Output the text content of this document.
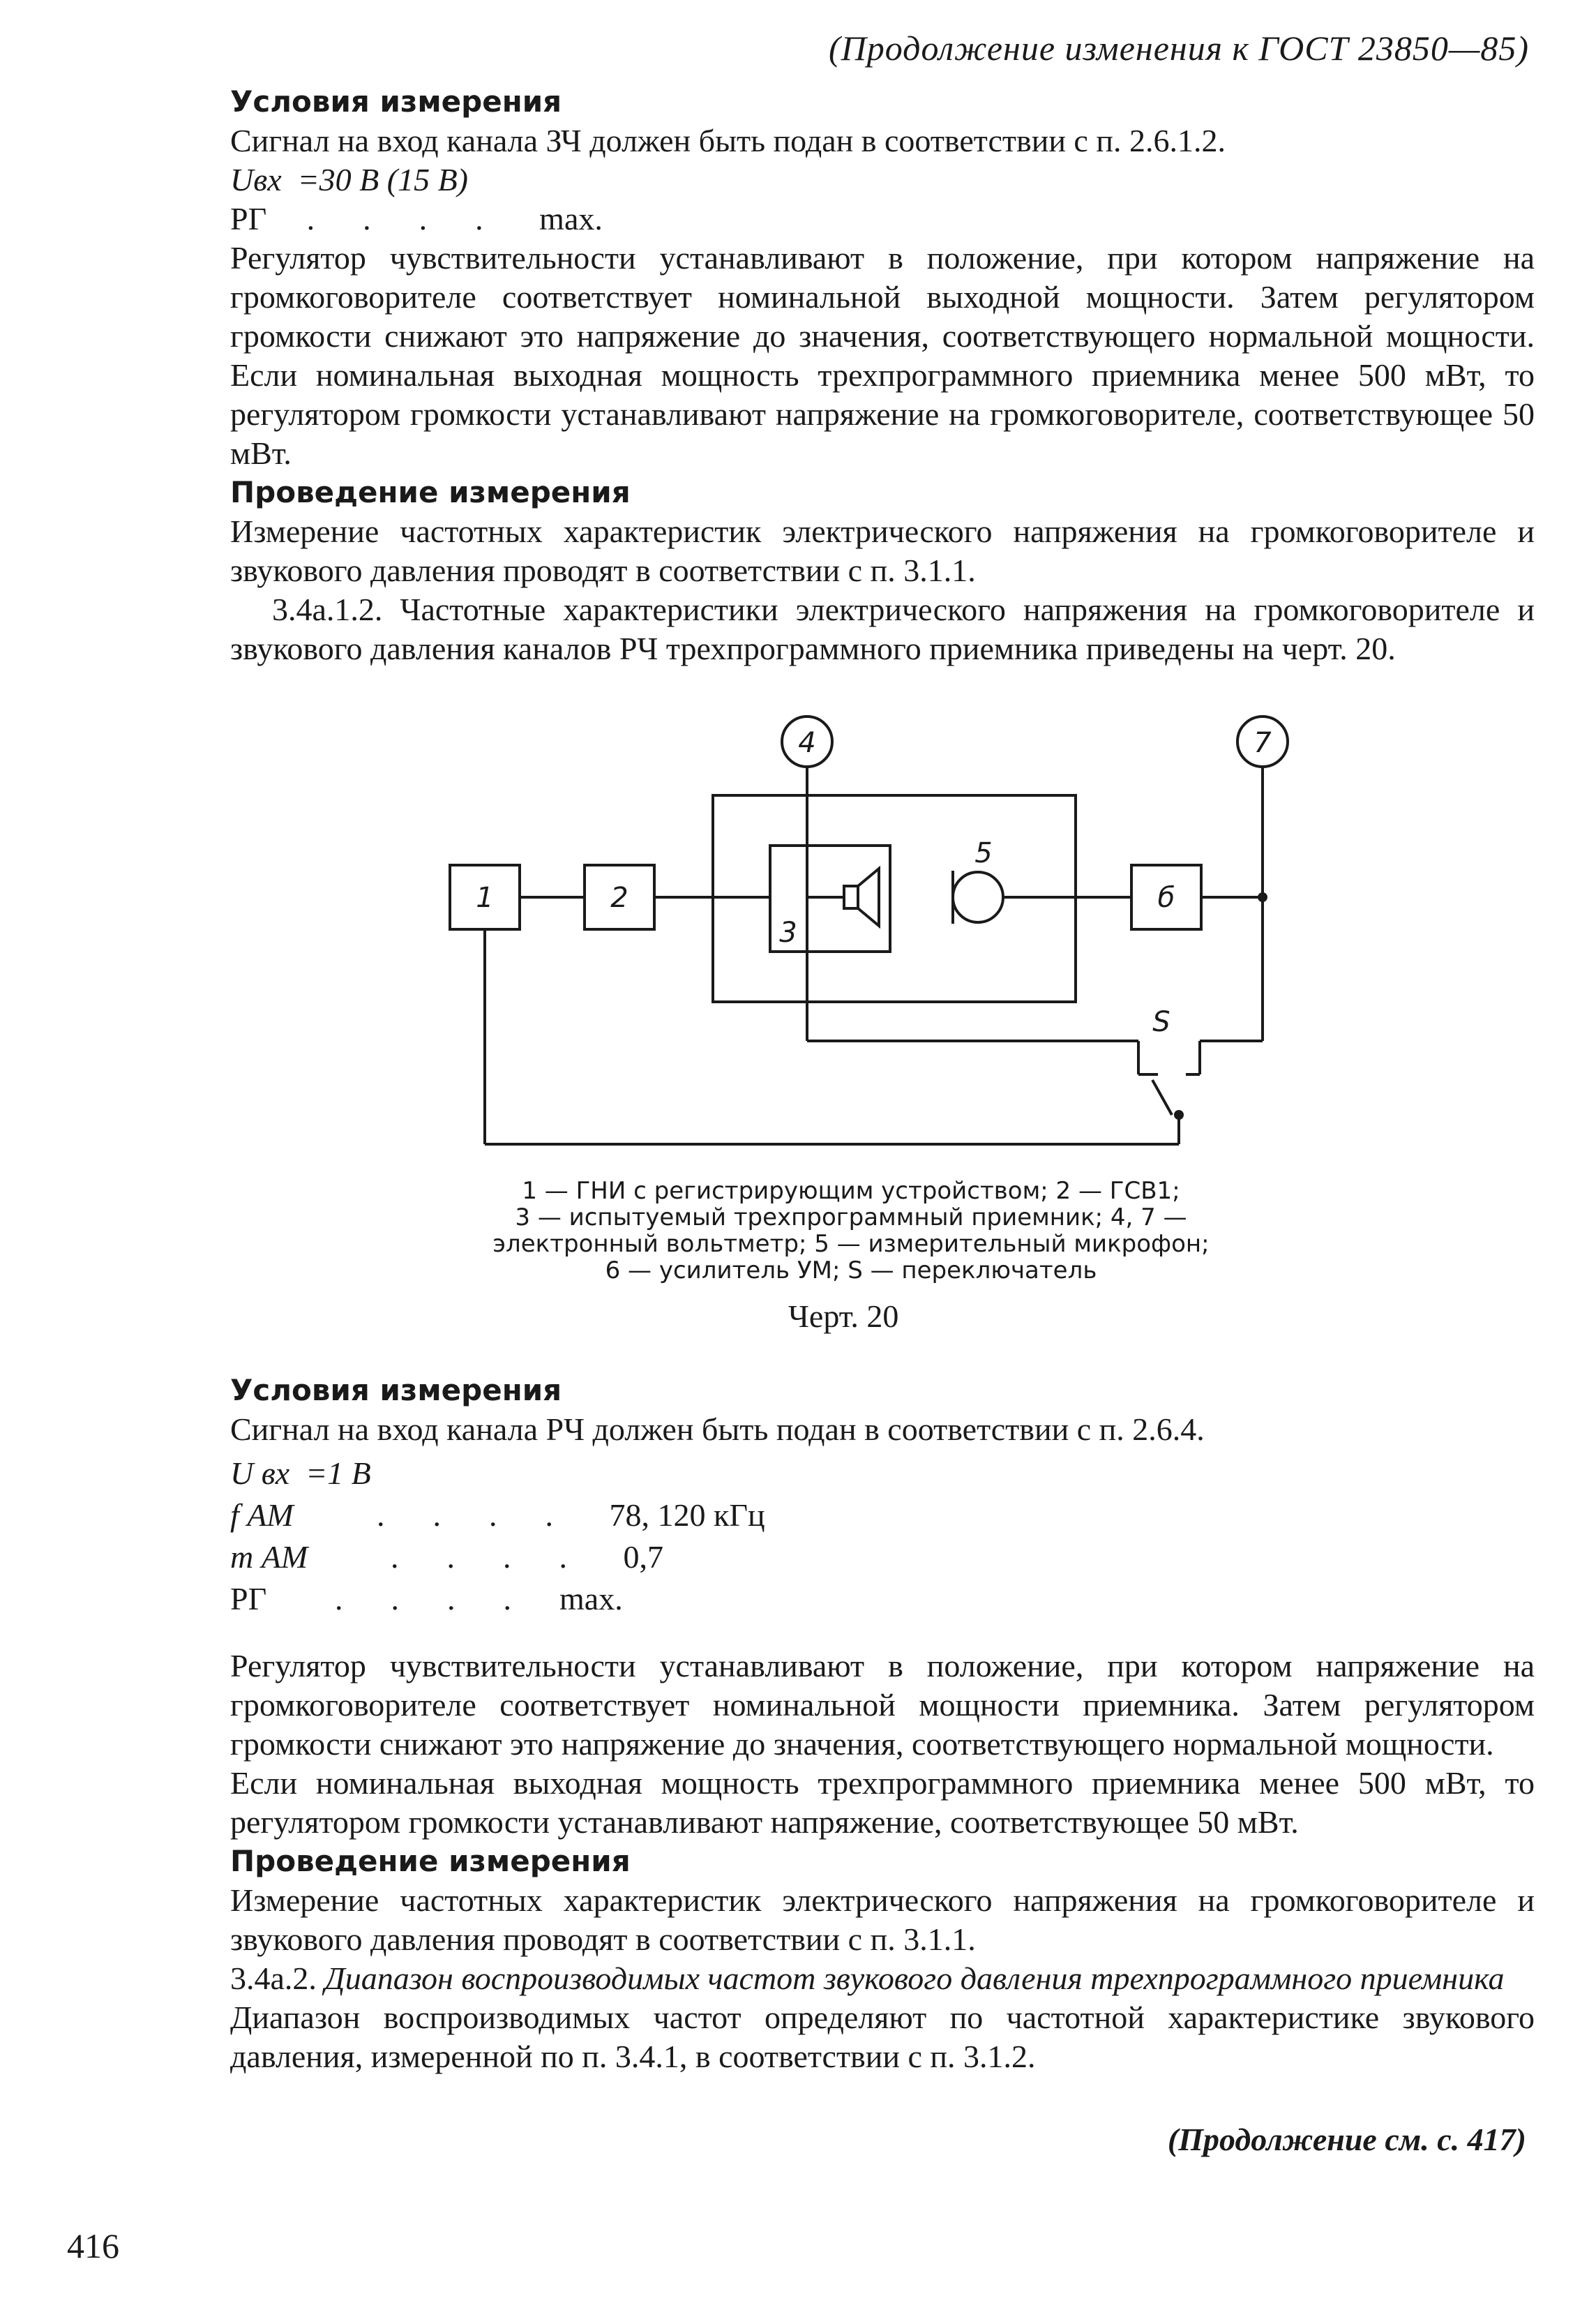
(Продолжение изменения к ГОСТ 23850—85)
Условия измерения
Сигнал на вход канала ЗЧ должен быть подан в соответствии с п. 2.6.1.2.
Uвх  =30 В (15 В)
РГ     .      .      .      .       max.
Регулятор чувствительности устанавливают в положение, при котором напряжение на громкоговорителе соответствует номинальной выходной мощности. Затем регулятором громкости снижают это напряжение до значения, соответствующего нормальной мощности. Если номинальная выходная мощность трехпрограммного приемника менее 500 мВт, то регулятором громкости устанавливают напряжение на громкоговорителе, соответствующее 50 мВт.
Проведение измерения
Измерение частотных характеристик электрического напряжения на громкоговорителе и звукового давления проводят в соответствии с п. 3.1.1.
3.4а.1.2. Частотные характеристики электрического напряжения на громкоговорителе и звукового давления каналов РЧ трехпрограммного приемника приведены на черт. 20.
1	2
3
5
б
4	7
S
1 — ГНИ с регистрирующим устройством; 2 — ГСВ1;
3 — испытуемый трехпрограммный приемник; 4, 7 —
электронный вольтметр; 5 — измерительный микрофон;
6 — усилитель УМ; S — переключатель
Черт. 20
Условия измерения
Сигнал на вход канала РЧ должен быть подан в соответствии с п. 2.6.4.
U вх  =1 В
f АМ	.      .      .      .       78, 120 кГц
m АМ	.      .      .      .       0,7
РГ .      .      .      .      max.
Регулятор чувствительности устанавливают в положение, при котором напряжение на громкоговорителе соответствует номинальной мощности приемника. Затем регулятором громкости снижают это напряжение до значения, соответствующего нормальной мощности.
Если номинальная выходная мощность трехпрограммного приемника менее 500 мВт, то регулятором громкости устанавливают напряжение, соответствующее 50 мВт.
Проведение измерения
Измерение частотных характеристик электрического напряжения на громкоговорителе и звукового давления проводят в соответствии с п. 3.1.1.
3.4а.2. Диапазон воспроизводимых частот звукового давления трехпрограммного приемника
Диапазон воспроизводимых частот определяют по частотной характеристике звукового давления, измеренной по п. 3.4.1, в соответствии с п. 3.1.2.
(Продолжение см. с. 417)
416
